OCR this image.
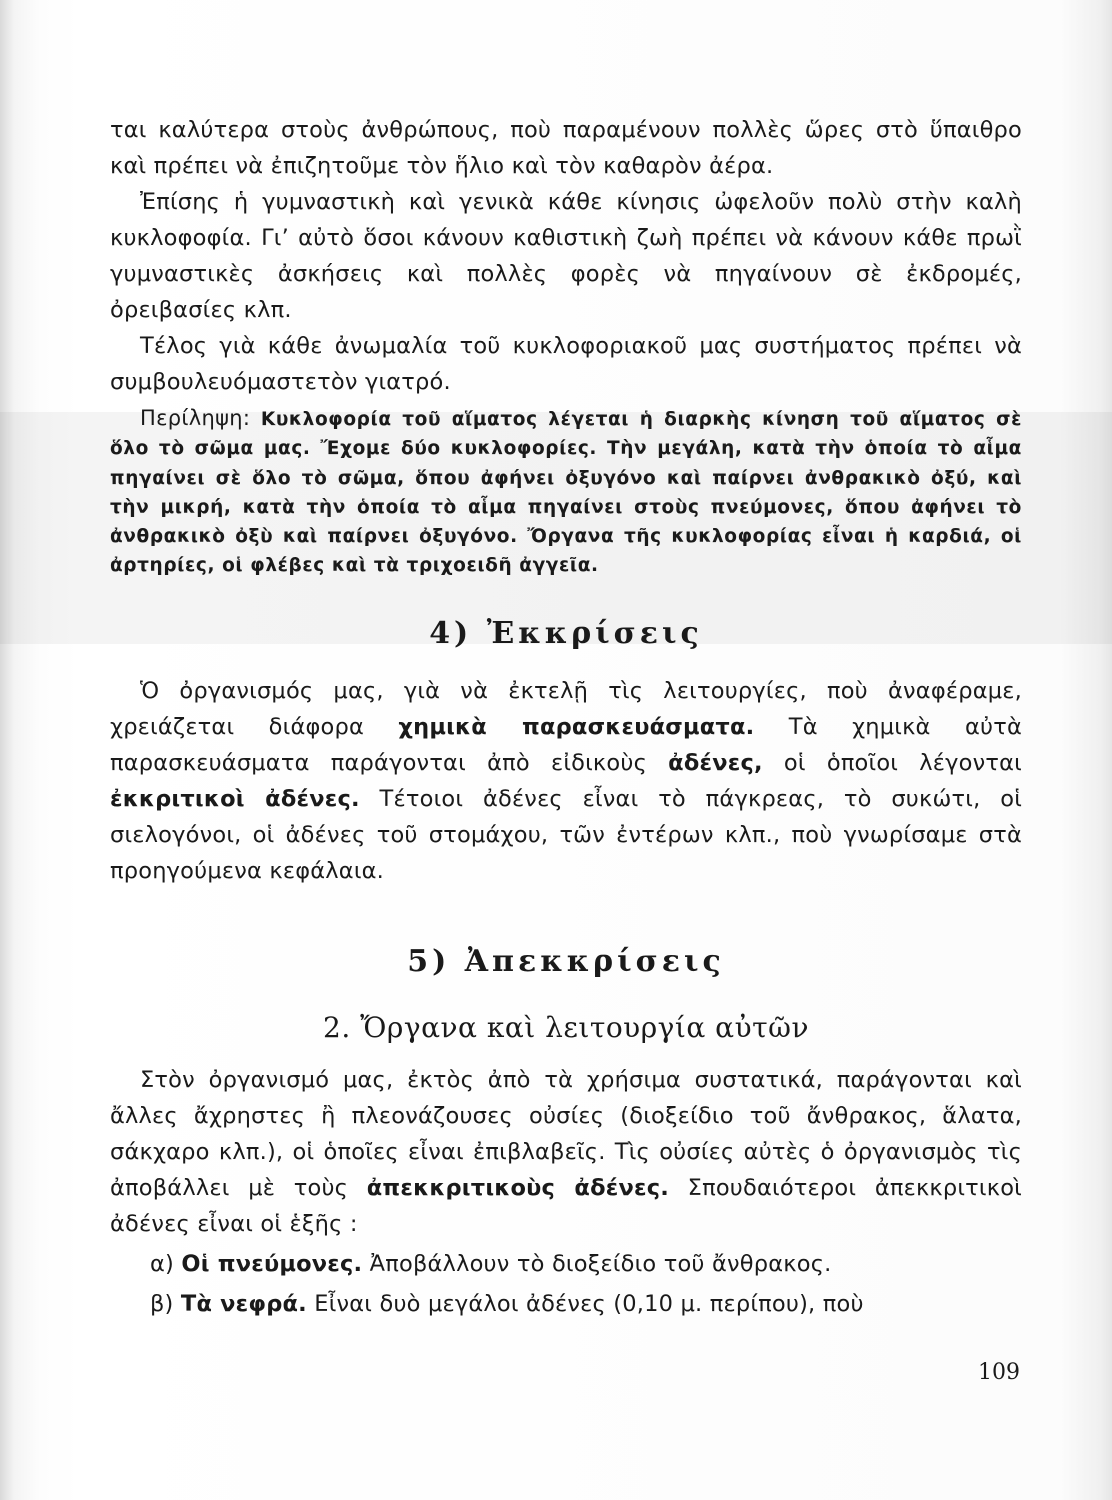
ται καλύτερα στοὺς ἀνθρώπους, ποὺ παραμένουν πολλὲς ὥρες στὸ ὕπαιθρο καὶ πρέπει νὰ ἐπιζητοῦμε τὸν ἥλιο καὶ τὸν καθαρὸν ἀέρα.

Ἐπίσης ἡ γυμναστικὴ καὶ γενικὰ κάθε κίνησις ὠφελοῦν πολὺ στὴν καλὴ κυκλοφοφία. Γι’ αὐτὸ ὅσοι κάνουν καθιστικὴ ζωὴ πρέπει νὰ κάνουν κάθε πρωῒ γυμναστικὲς ἀσκήσεις καὶ πολλὲς φορὲς νὰ πηγαίνουν σὲ ἐκδρομές, ὀρειβασίες κλπ.

Τέλος γιὰ κάθε ἀνωμαλία τοῦ κυκλοφοριακοῦ μας συστήματος πρέπει νὰ συμβουλευόμαστετὸν γιατρό.

Περίληψη: Κυκλοφορία τοῦ αἵματος λέγεται ἡ διαρκὴς κίνηση τοῦ αἵματος σὲ ὅλο τὸ σῶμα μας. Ἔχομε δύο κυκλοφορίες. Τὴν μεγάλη, κατὰ τὴν ὁποία τὸ αἷμα πηγαίνει σὲ ὅλο τὸ σῶμα, ὅπου ἀφήνει ὀξυγόνο καὶ παίρνει ἀνθρακικὸ ὀξύ, καὶ τὴν μικρή, κατὰ τὴν ὁποία τὸ αἷμα πηγαίνει στοὺς πνεύμονες, ὅπου ἀφήνει τὸ ἀνθρακικὸ ὀξὺ καὶ παίρνει ὀξυγόνο. Ὄργανα τῆς κυκλοφορίας εἶναι ἡ καρδιά, οἱ ἀρτηρίες, οἱ φλέβες καὶ τὰ τριχοειδῆ ἀγγεῖα.

4) Ἐκκρίσεις

Ὁ ὀργανισμός μας, γιὰ νὰ ἐκτελῇ τὶς λειτουργίες, ποὺ ἀναφέραμε, χρειάζεται διάφορα χημικὰ παρασκευάσματα. Τὰ χημικὰ αὐτὰ παρασκευάσματα παράγονται ἀπὸ εἰδικοὺς ἀδένες, οἱ ὁποῖοι λέγονται ἐκκριτικοὶ ἀδένες. Τέτοιοι ἀδένες εἶναι τὸ πάγκρεας, τὸ συκώτι, οἱ σιελογόνοι, οἱ ἀδένες τοῦ στομάχου, τῶν ἐντέρων κλπ., ποὺ γνωρίσαμε στὰ προηγούμενα κεφάλαια.

5) Ἀπεκκρίσεις

2. Ὄργανα καὶ λειτουργία αὐτῶν

Στὸν ὀργανισμό μας, ἐκτὸς ἀπὸ τὰ χρήσιμα συστατικά, παράγονται καὶ ἄλλες ἄχρηστες ἢ πλεονάζουσες οὐσίες (διοξείδιο τοῦ ἄνθρακος, ἅλατα, σάκχαρο κλπ.), οἱ ὁποῖες εἶναι ἐπιβλαβεῖς. Τὶς οὐσίες αὐτὲς ὁ ὀργανισμὸς τὶς ἀποβάλλει μὲ τοὺς ἀπεκκριτικοὺς ἀδένες. Σπουδαιότεροι ἀπεκκριτικοὶ ἀδένες εἶναι οἱ ἑξῆς :

α) Οἱ πνεύμονες. Ἀποβάλλουν τὸ διοξείδιο τοῦ ἄνθρακος.

β) Τὰ νεφρά. Εἶναι δυὸ μεγάλοι ἀδένες (0,10 μ. περίπου), ποὺ

109
